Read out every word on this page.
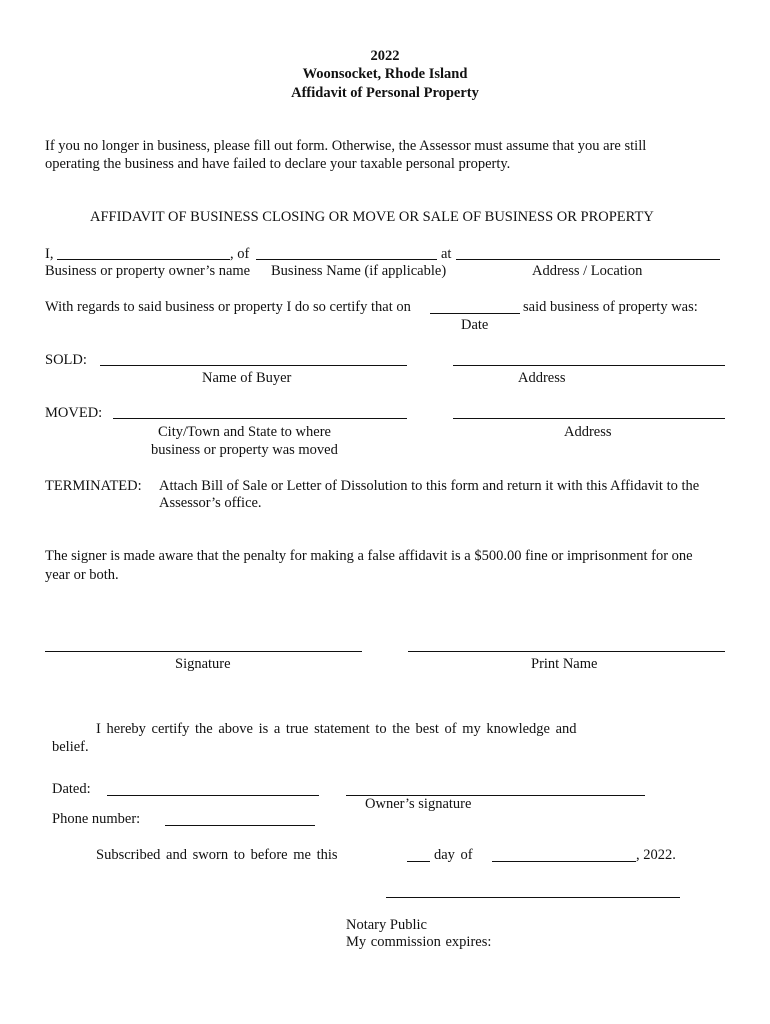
2022
Woonsocket, Rhode Island
Affidavit of Personal Property
If you no longer in business, please fill out form. Otherwise, the Assessor must assume that you are still
operating the business and have failed to declare your taxable personal property.
AFFIDAVIT OF BUSINESS CLOSING OR MOVE OR SALE OF BUSINESS OR PROPERTY
I,	, of	at
Business or property owner’s name Business Name (if applicable)	Address / Location
With regards to said business or property I do so certify that on	said business of property was:
Date
SOLD:
Name of Buyer	Address
MOVED:
City/Town and State to where
business or property was moved
Address
TERMINATED: Attach Bill of Sale or Letter of Dissolution to this form and return it with this Affidavit to the
Assessor’s office.
The signer is made aware that the penalty for making a false affidavit is a $500.00 fine or imprisonment for one
year or both.
Signature	Print Name
I hereby certify the above is a true statement to the best of my knowledge and
belief.
Dated:
Owner’s signature
Phone number:
Subscribed and sworn to before me this	day of	, 2022.
Notary Public
My commission expires:
